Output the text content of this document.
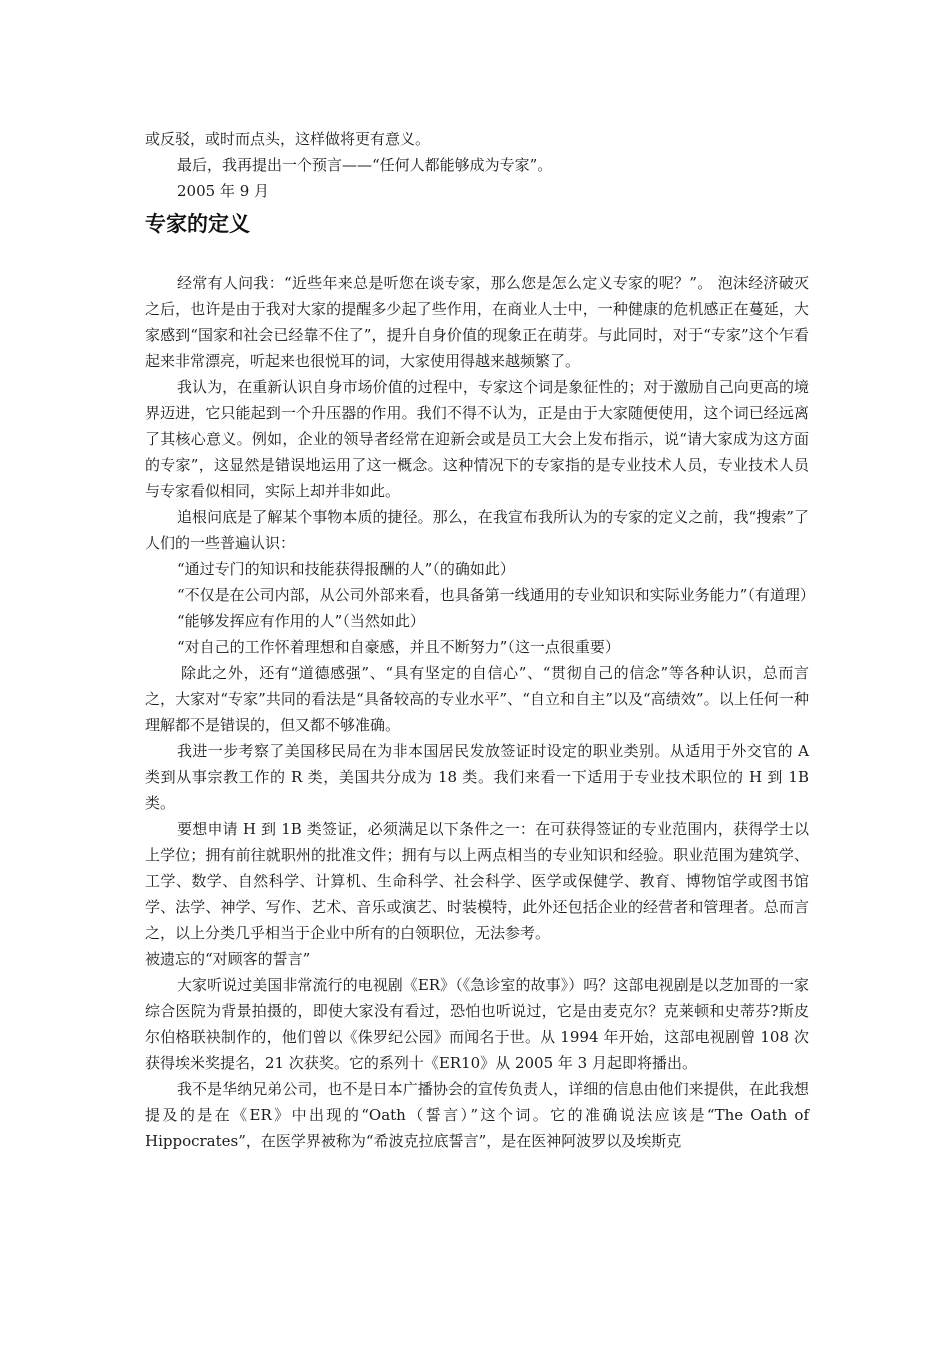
或反驳，或时而点头，这样做将更有意义。

最后，我再提出一个预言——“任何人都能够成为专家”。

2005 年 9 月

专家的定义

经常有人问我：“近些年来总是听您在谈专家，那么您是怎么定义专家的呢？”。 泡沫经济破灭之后，也许是由于我对大家的提醒多少起了些作用，在商业人士中，一种健康的危机感正在蔓延，大家感到“国家和社会已经靠不住了”，提升自身价值的现象正在萌芽。与此同时，对于“专家”这个乍看起来非常漂亮，听起来也很悦耳的词，大家使用得越来越频繁了。

我认为，在重新认识自身市场价值的过程中，专家这个词是象征性的；对于激励自己向更高的境界迈进，它只能起到一个升压器的作用。我们不得不认为，正是由于大家随便使用，这个词已经远离了其核心意义。例如，企业的领导者经常在迎新会或是员工大会上发布指示，说“请大家成为这方面的专家”，这显然是错误地运用了这一概念。这种情况下的专家指的是专业技术人员，专业技术人员与专家看似相同，实际上却并非如此。

追根问底是了解某个事物本质的捷径。那么，在我宣布我所认为的专家的定义之前，我“搜索”了人们的一些普遍认识：

“通过专门的知识和技能获得报酬的人”（的确如此）

“不仅是在公司内部，从公司外部来看，也具备第一线通用的专业知识和实际业务能力”（有道理）

“能够发挥应有作用的人”（当然如此）

“对自己的工作怀着理想和自豪感，并且不断努力”（这一点很重要）

除此之外，还有“道德感强”、“具有坚定的自信心”、“贯彻自己的信念”等各种认识，总而言之，大家对“专家”共同的看法是“具备较高的专业水平”、“自立和自主”以及“高绩效”。以上任何一种理解都不是错误的，但又都不够准确。

我进一步考察了美国移民局在为非本国居民发放签证时设定的职业类别。从适用于外交官的 A 类到从事宗教工作的 R 类，美国共分成为 18 类。我们来看一下适用于专业技术职位的 H 到 1B 类。

要想申请 H 到 1B 类签证，必须满足以下条件之一：在可获得签证的专业范围内，获得学士以上学位；拥有前往就职州的批准文件；拥有与以上两点相当的专业知识和经验。职业范围为建筑学、工学、数学、自然科学、计算机、生命科学、社会科学、医学或保健学、教育、博物馆学或图书馆学、法学、神学、写作、艺术、音乐或演艺、时装模特，此外还包括企业的经营者和管理者。总而言之，以上分类几乎相当于企业中所有的白领职位，无法参考。

被遗忘的“对顾客的誓言”

大家听说过美国非常流行的电视剧《ER》（《急诊室的故事》）吗？这部电视剧是以芝加哥的一家综合医院为背景拍摄的，即使大家没有看过，恐怕也听说过，它是由麦克尔？克莱顿和史蒂芬?斯皮尔伯格联袂制作的，他们曾以《侏罗纪公园》而闻名于世。从 1994 年开始，这部电视剧曾 108 次获得埃米奖提名，21 次获奖。它的系列十《ER10》从 2005 年 3 月起即将播出。

我不是华纳兄弟公司，也不是日本广播协会的宣传负责人，详细的信息由他们来提供，在此我想提及的是在《ER》中出现的“Oath（誓言）”这个词。它的准确说法应该是“The Oath of Hippocrates”，在医学界被称为“希波克拉底誓言”，是在医神阿波罗以及埃斯克
